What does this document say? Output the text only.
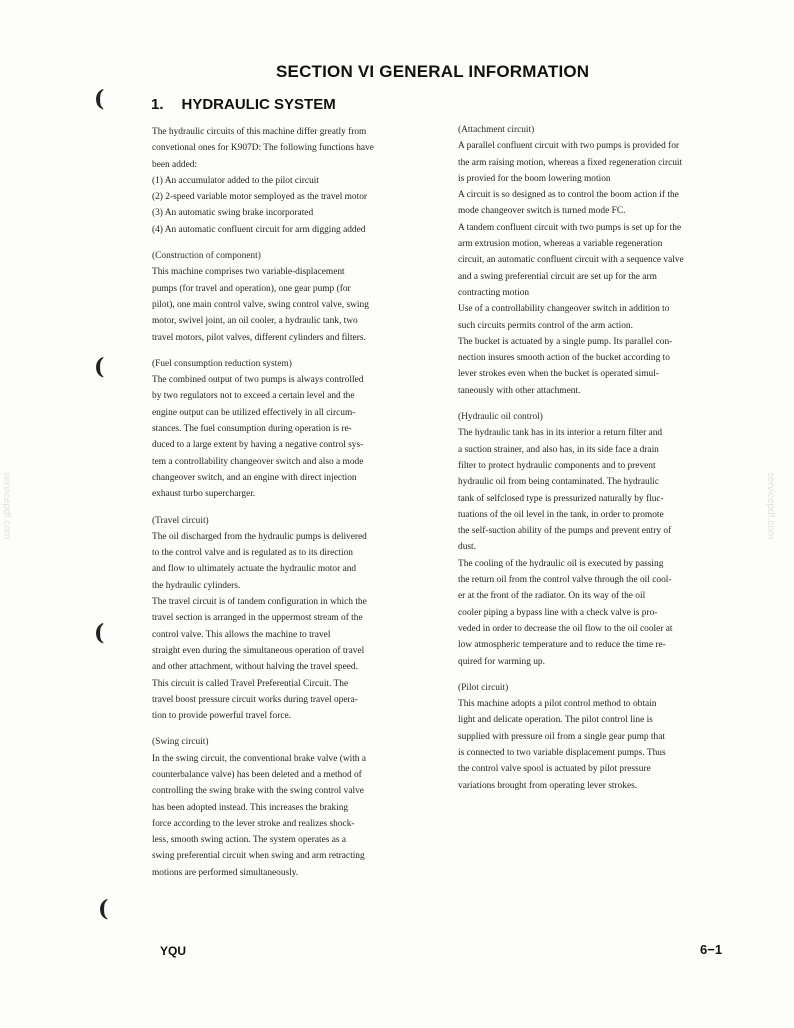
SECTION VI GENERAL INFORMATION
1. HYDRAULIC SYSTEM
The hydraulic circuits of this machine differ greatly from
convetional ones for K907D: The following functions have
been added:
(1) An accumulator added to the pilot circuit
(2) 2-speed variable motor semployed as the travel motor
(3) An automatic swing brake incorporated
(4) An automatic confluent circuit for arm digging added
(Construction of component)
This machine comprises two variable-displacement
pumps (for travel and operation), one gear pump (for
pilot), one main control valve, swing control valve, swing
motor, swivel joint, an oil cooler, a hydraulic tank, two
travel motors, pilot valves, different cylinders and filters.
(Fuel consumption reduction system)
The combined output of two pumps is always controlled
by two regulators not to exceed a certain level and the
engine output can be utilized effectively in all circum-
stances. The fuel consumption during operation is re-
duced to a large extent by having a negative control sys-
tem a controllability changeover switch and also a mode
changeover switch, and an engine with direct injection
exhaust turbo supercharger.
(Travel circuit)
The oil discharged from the hydraulic pumps is delivered
to the control valve and is regulated as to its direction
and flow to ultimately actuate the hydraulic motor and
the hydraulic cylinders.
The travel circuit is of tandem configuration in which the
travel section is arranged in the uppermost stream of the
control valve. This allows the machine to travel
straight even during the simultaneous operation of travel
and other attachment, without halving the travel speed.
This circuit is called Travel Preferential Circuit. The
travel boost pressure circuit works during travel opera-
tion to provide powerful travel force.
(Swing circuit)
In the swing circuit, the conventional brake valve (with a
counterbalance valve) has been deleted and a method of
controlling the swing brake with the swing control valve
has been adopted instead. This increases the braking
force according to the lever stroke and realizes shock-
less, smooth swing action. The system operates as a
swing preferential circuit when swing and arm retracting
motions are performed simultaneously.
(Attachment circuit)
A parallel confluent circuit with two pumps is provided for
the arm raising motion, whereas a fixed regeneration circuit
is provied for the boom lowering motion
A circuit is so designed as to control the boom action if the
mode changeover switch is turned mode FC.
A tandem confluent circuit with two pumps is set up for the
arm extrusion motion, whereas a variable regeneration
circuit, an automatic confluent circuit with a sequence valve
and a swing preferential circuit are set up for the arm
contracting motion
Use of a controllability changeover switch in addition to
such circuits permits control of the arm action.
The bucket is actuated by a single pump. Its parallel con-
nection insures smooth action of the bucket according to
lever strokes even when the bucket is operated simul-
taneously with other attachment.
(Hydraulic oil control)
The hydraulic tank has in its interior a return filter and
a suction strainer, and also has, in its side face a drain
filter to protect hydraulic components and to prevent
hydraulic oil from being contaminated. The hydraulic
tank of selfclosed type is pressurized naturally by fluc-
tuations of the oil level in the tank, in order to promote
the self-suction ability of the pumps and prevent entry of
dust.
The cooling of the hydraulic oil is executed by passing
the return oil from the control valve through the oil cool-
er at the front of the radiator. On its way of the oil
cooler piping a bypass line with a check valve is pro-
veded in order to decrease the oil flow to the oil cooler at
low atmospheric temperature and to reduce the time re-
quired for warming up.
(Pilot circuit)
This machine adopts a pilot control method to obtain
light and delicate operation. The pilot control line is
supplied with pressure oil from a single gear pump that
is connected to two variable displacement pumps. Thus
the control valve spool is actuated by pilot pressure
variations brought from operating lever strokes.
YQU	6−1
servicepdf.com	servicepdf.com
(
(
(
(
